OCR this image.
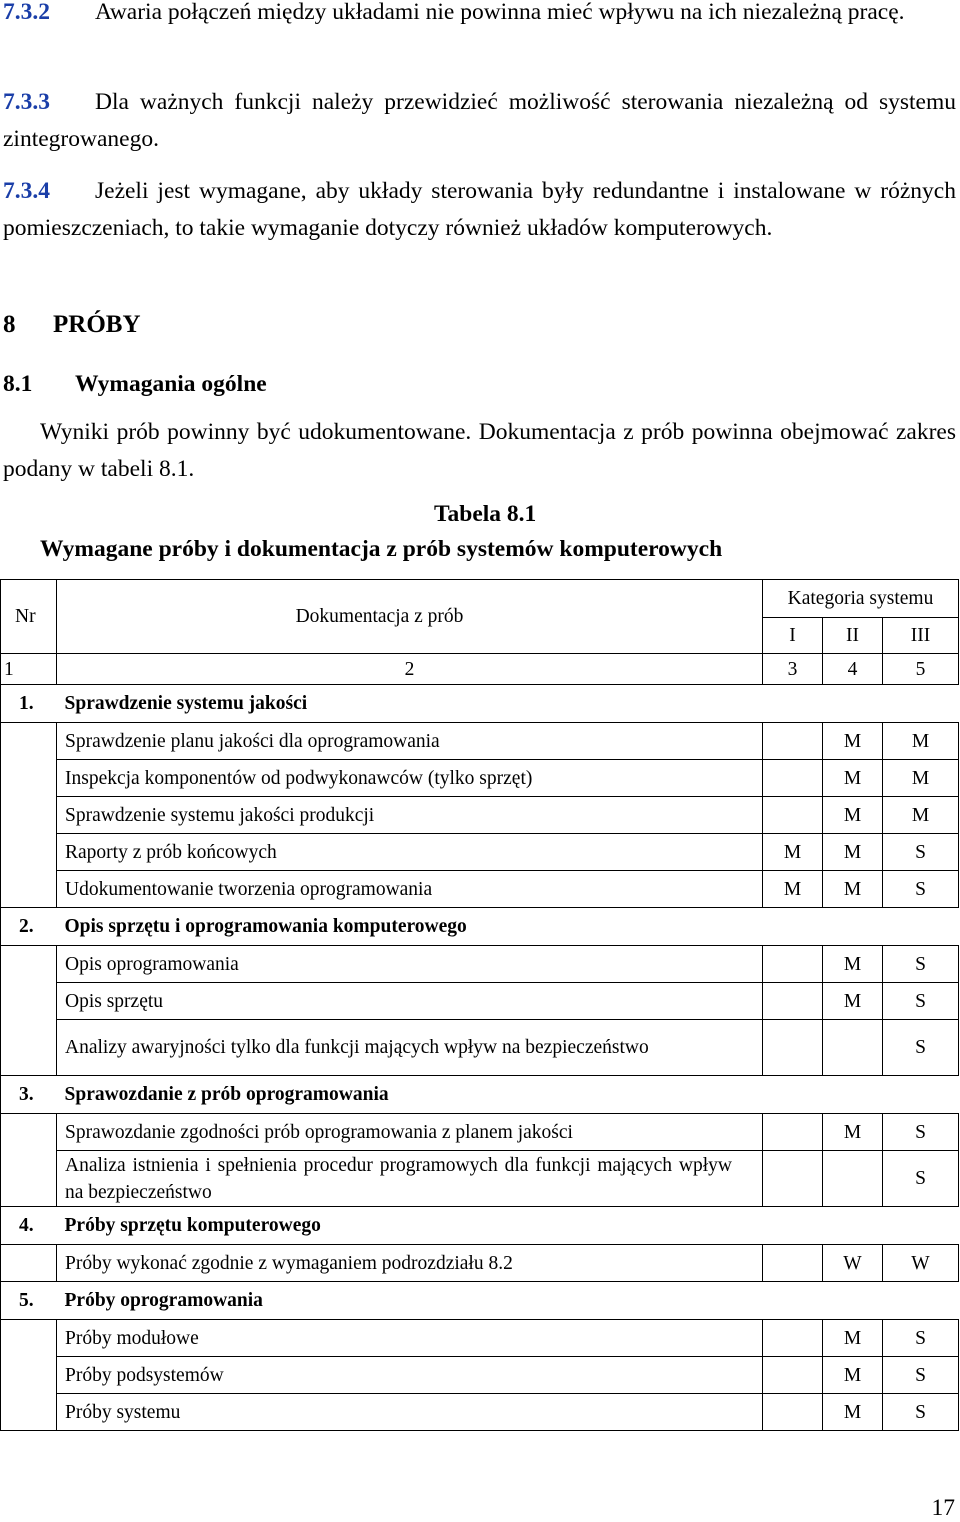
7.3.2 Awaria połączeń między układami nie powinna mieć wpływu na ich niezależną pracę.

7.3.3 Dla ważnych funkcji należy przewidzieć możliwość sterowania niezależną od systemu zintegrowanego.

7.3.4 Jeżeli jest wymagane, aby układy sterowania były redundantne i instalowane w różnych pomieszczeniach, to takie wymaganie dotyczy również układów komputerowych.

8 PRÓBY
8.1 Wymagania ogólne

Wyniki prób powinny być udokumentowane. Dokumentacja z prób powinna obejmować zakres podany w tabeli 8.1.

Tabela 8.1
Wymagane próby i dokumentacja z prób systemów komputerowych
Nr	Dokumentacja z prób	Kategoria systemu		
		I	II	III
1	2	3	4	5
1.	Sprawdzenie systemu jakości			
	Sprawdzenie planu jakości dla oprogramowania		M	M
	Inspekcja komponentów od podwykonawców (tylko sprzęt)		M	M
	Sprawdzenie systemu jakości produkcji		M	M
	Raporty z prób końcowych	M	M	S
	Udokumentowanie tworzenia oprogramowania	M	M	S
2.	Opis sprzętu i oprogramowania komputerowego			
	Opis oprogramowania		M	S
	Opis sprzętu		M	S
	Analizy awaryjności tylko dla funkcji mających wpływ na bezpieczeństwo			S
3.	Sprawozdanie z prób oprogramowania			
	Sprawozdanie zgodności prób oprogramowania z planem jakości		M	S
	Analiza istnienia i spełnienia procedur programowych dla funkcji mających wpływ na bezpieczeństwo			S
4.	Próby sprzętu komputerowego			
	Próby wykonać zgodnie z wymaganiem podrozdziału 8.2		W	W
5.	Próby oprogramowania			
	Próby modułowe		M	S
	Próby podsystemów		M	S
	Próby systemu		M	S
17
